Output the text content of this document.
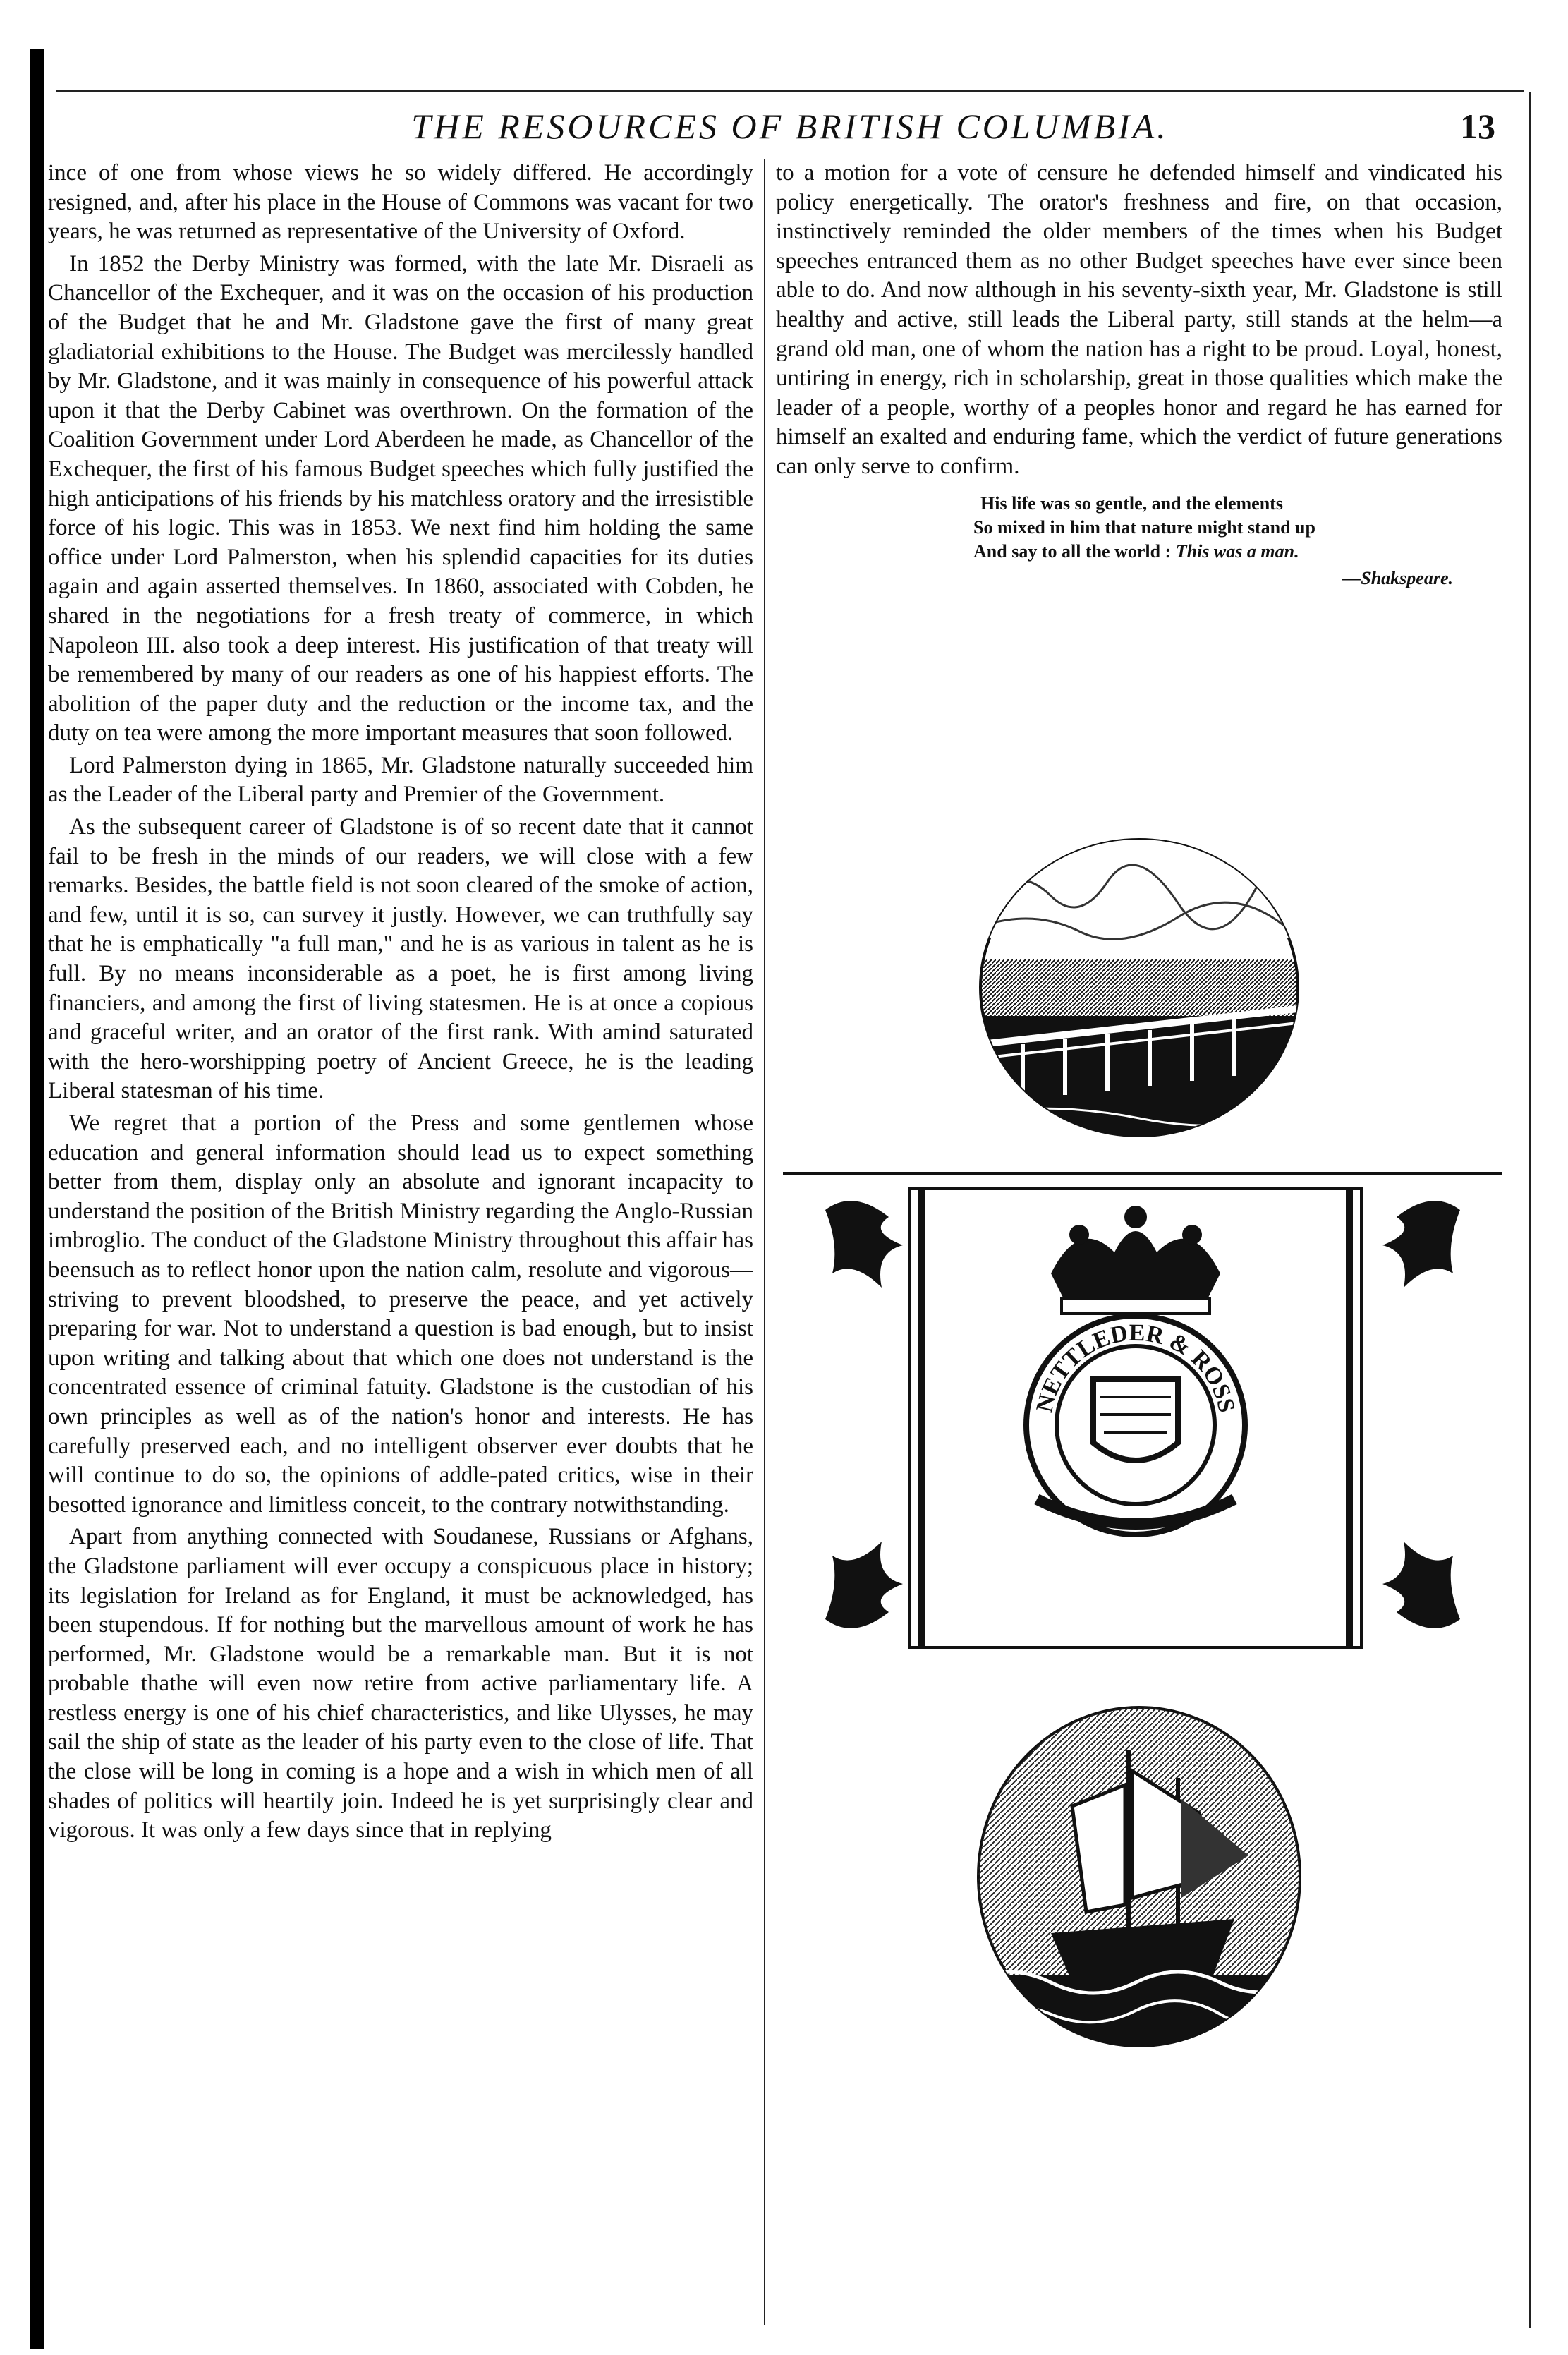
THE RESOURCES OF BRITISH COLUMBIA.	13

ince of one from whose views he so widely differed. He accordingly resigned, and, after his place in the House of Commons was vacant for two years, he was returned as representative of the University of Oxford.

In 1852 the Derby Ministry was formed, with the late Mr. Disraeli as Chancellor of the Exchequer, and it was on the occasion of his production of the Budget that he and Mr. Gladstone gave the first of many great gladiatorial exhibitions to the House. The Budget was mercilessly handled by Mr. Gladstone, and it was mainly in consequence of his powerful attack upon it that the Derby Cabinet was overthrown. On the formation of the Coalition Government under Lord Aberdeen he made, as Chancellor of the Exchequer, the first of his famous Budget speeches which fully justified the high anticipations of his friends by his matchless oratory and the irresistible force of his logic. This was in 1853. We next find him holding the same office under Lord Palmerston, when his splendid capacities for its duties again and again asserted themselves. In 1860, associated with Cobden, he shared in the negotiations for a fresh treaty of commerce, in which Napoleon III. also took a deep interest. His justification of that treaty will be remembered by many of our readers as one of his happiest efforts. The abolition of the paper duty and the reduction or the income tax, and the duty on tea were among the more important measures that soon followed.

Lord Palmerston dying in 1865, Mr. Gladstone naturally succeeded him as the Leader of the Liberal party and Premier of the Government.

As the subsequent career of Gladstone is of so recent date that it cannot fail to be fresh in the minds of our readers, we will close with a few remarks. Besides, the battle field is not soon cleared of the smoke of action, and few, until it is so, can survey it justly. However, we can truthfully say that he is emphatically "a full man," and he is as various in talent as he is full. By no means inconsiderable as a poet, he is first among living financiers, and among the first of living statesmen. He is at once a copious and graceful writer, and an orator of the first rank. With amind saturated with the hero-worshipping poetry of Ancient Greece, he is the leading Liberal statesman of his time.

We regret that a portion of the Press and some gentlemen whose education and general information should lead us to expect something better from them, display only an absolute and ignorant incapacity to understand the position of the British Ministry regarding the Anglo-Russian imbroglio. The conduct of the Gladstone Ministry throughout this affair has beensuch as to reflect honor upon the nation calm, resolute and vigorous—striving to prevent bloodshed, to preserve the peace, and yet actively preparing for war. Not to understand a question is bad enough, but to insist upon writing and talking about that which one does not understand is the concentrated essence of criminal fatuity. Gladstone is the custodian of his own principles as well as of the nation's honor and interests. He has carefully preserved each, and no intelligent observer ever doubts that he will continue to do so, the opinions of addle-pated critics, wise in their besotted ignorance and limitless conceit, to the contrary notwithstanding.

Apart from anything connected with Soudanese, Russians or Afghans, the Gladstone parliament will ever occupy a conspicuous place in history; its legislation for Ireland as for England, it must be acknowledged, has been stupendous. If for nothing but the marvellous amount of work he has performed, Mr. Gladstone would be a remarkable man. But it is not probable thathe will even now retire from active parliamentary life. A restless energy is one of his chief characteristics, and like Ulysses, he may sail the ship of state as the leader of his party even to the close of life. That the close will be long in coming is a hope and a wish in which men of all shades of politics will heartily join. Indeed he is yet surprisingly clear and vigorous. It was only a few days since that in replying

to a motion for a vote of censure he defended himself and vindicated his policy energetically. The orator's freshness and fire, on that occasion, instinctively reminded the older members of the times when his Budget speeches entranced them as no other Budget speeches have ever since been able to do. And now although in his seventy-sixth year, Mr. Gladstone is still healthy and active, still leads the Liberal party, still stands at the helm—a grand old man, one of whom the nation has a right to be proud. Loyal, honest, untiring in energy, rich in scholarship, great in those qualities which make the leader of a people, worthy of a peoples honor and regard he has earned for himself an exalted and enduring fame, which the verdict of future generations can only serve to confirm.

His life was so gentle, and the elements
So mixed in him that nature might stand up
And say to all the world : This was a man.
—Shakspeare.
NETTLEDER & ROSS
